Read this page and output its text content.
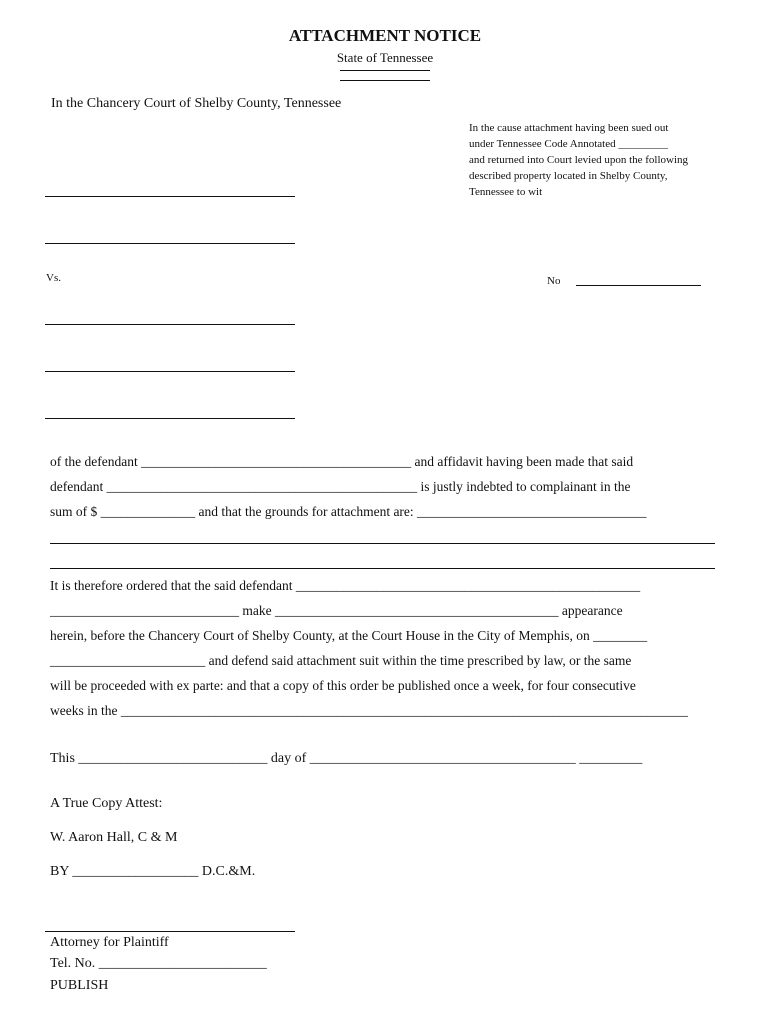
ATTACHMENT NOTICE
State of Tennessee
In the Chancery Court of Shelby County, Tennessee
In the cause attachment having been sued out
under Tennessee Code Annotated _________
and returned into Court levied upon the following
described property located in Shelby County,
Tennessee to wit
Vs.	No
of the defendant ________________________________________ and affidavit having been made that said
defendant ______________________________________________ is justly indebted to complainant in the
sum of $ ______________ and that the grounds for attachment are: __________________________________
It is therefore ordered that the said defendant ___________________________________________________
____________________________ make __________________________________________ appearance
herein, before the Chancery Court of Shelby County, at the Court House in the City of Memphis, on ________
_______________________ and defend said attachment suit within the time prescribed by law, or the same
will be proceeded with ex parte: and that a copy of this order be published once a week, for four consecutive
weeks in the ____________________________________________________________________________________
This ___________________________ day of ______________________________________ _________
A True Copy Attest:
W. Aaron Hall, C & M
BY __________________ D.C.&M.
Attorney for Plaintiff
Tel. No. ________________________
PUBLISH
